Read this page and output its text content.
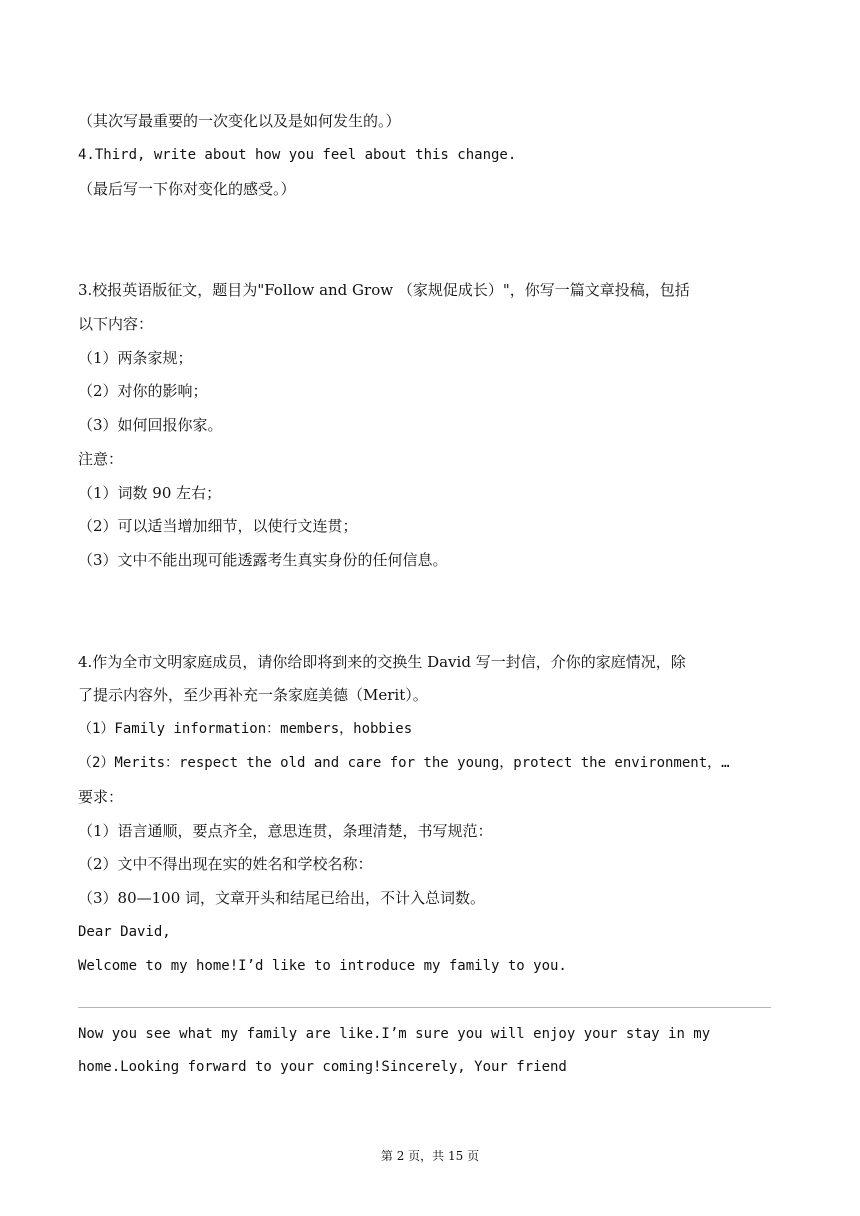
（其次写最重要的一次变化以及是如何发生的。）
4.Third, write about how you feel about this change.
（最后写一下你对变化的感受。）
3.校报英语版征文，题目为"Follow and Grow （家规促成长）"，你写一篇文章投稿，包括
以下内容：
（1）两条家规；
（2）对你的影响；
（3）如何回报你家。
注意：
（1）词数 90 左右；
（2）可以适当增加细节，以使行文连贯；
（3）文中不能出现可能透露考生真实身份的任何信息。
4.作为全市文明家庭成员，请你给即将到来的交换生 David 写一封信，介你的家庭情况，除
了提示内容外，至少再补充一条家庭美德（Merit）。
（1）Family information：members，hobbies
（2）Merits：respect the old and care for the young，protect the environment，…
要求：
（1）语言通顺，要点齐全，意思连贯，条理清楚，书写规范：
（2）文中不得出现在实的姓名和学校名称：
（3）80—100 词，文章开头和结尾已给出，不计入总词数。
Dear David,
Welcome to my home!I’d like to introduce my family to you.
Now you see what my family are like.I’m sure you will enjoy your stay in my
home.Looking forward to your coming!Sincerely, Your friend
第 2 页，共 15 页
